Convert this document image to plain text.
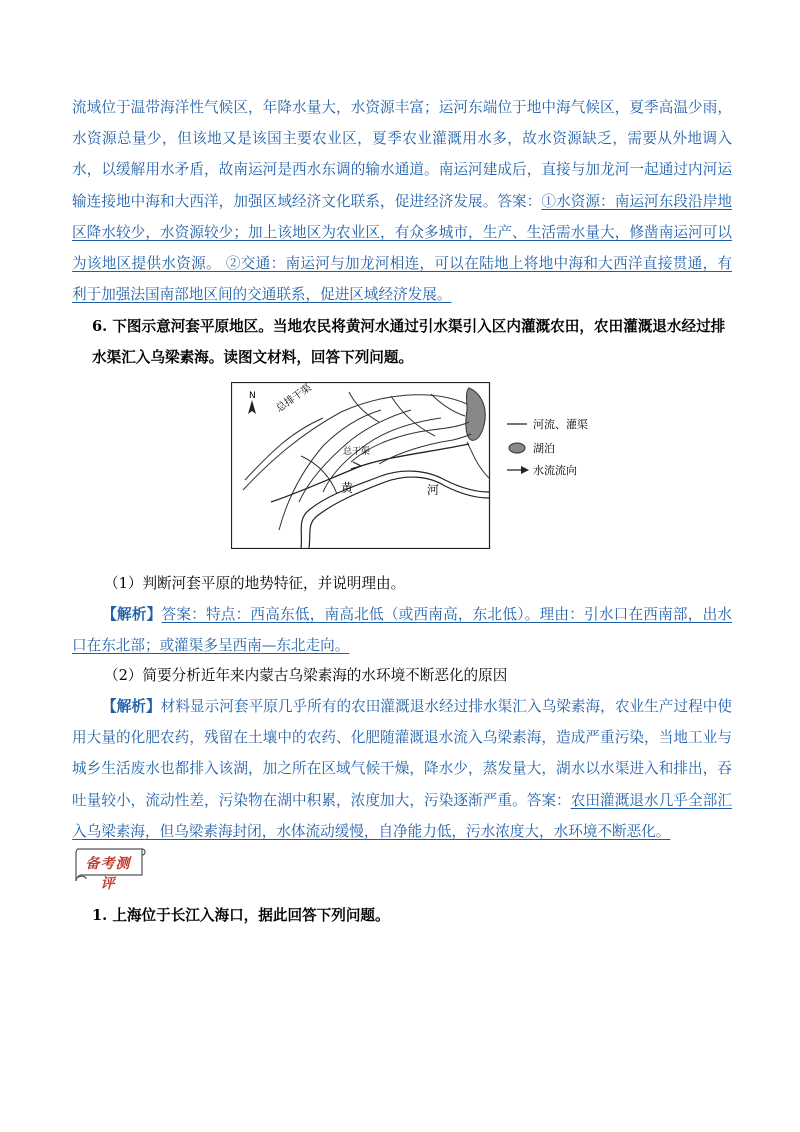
流域位于温带海洋性气候区，年降水量大，水资源丰富；运河东端位于地中海气候区，夏季高温少雨，水资源总量少，但该地又是该国主要农业区，夏季农业灌溉用水多，故水资源缺乏，需要从外地调入水，以缓解用水矛盾，故南运河是西水东调的输水通道。南运河建成后，直接与加龙河一起通过内河运输连接地中海和大西洋，加强区域经济文化联系，促进经济发展。答案：①水资源：南运河东段沿岸地区降水较少，水资源较少；加上该地区为农业区，有众多城市，生产、生活需水量大，修凿南运河可以为该地区提供水资源。 ②交通：南运河与加龙河相连，可以在陆地上将地中海和大西洋直接贯通，有利于加强法国南部地区间的交通联系，促进区域经济发展。
6. 下图示意河套平原地区。当地农民将黄河水通过引水渠引入区内灌溉农田，农田灌溉退水经过排水渠汇入乌梁素海。读图文材料，回答下列问题。
N 总排干渠
总干渠
黄	河
河流、灌渠
湖泊
水流流向
（1）判断河套平原的地势特征，并说明理由。
【解析】答案：特点：西高东低，南高北低（或西南高，东北低）。理由：引水口在西南部，出水口在东北部；或灌渠多呈西南—东北走向。
（2）简要分析近年来内蒙古乌梁素海的水环境不断恶化的原因
【解析】材料显示河套平原几乎所有的农田灌溉退水经过排水渠汇入乌梁素海，农业生产过程中使用大量的化肥农药，残留在土壤中的农药、化肥随灌溉退水流入乌梁素海，造成严重污染，当地工业与城乡生活废水也都排入该湖，加之所在区域气候干燥，降水少，蒸发量大，湖水以水渠进入和排出，吞吐量较小，流动性差，污染物在湖中积累，浓度加大，污染逐渐严重。答案：农田灌溉退水几乎全部汇入乌梁素海，但乌梁素海封闭，水体流动缓慢，自净能力低，污水浓度大，水环境不断恶化。
备考测评
1. 上海位于长江入海口，据此回答下列问题。
